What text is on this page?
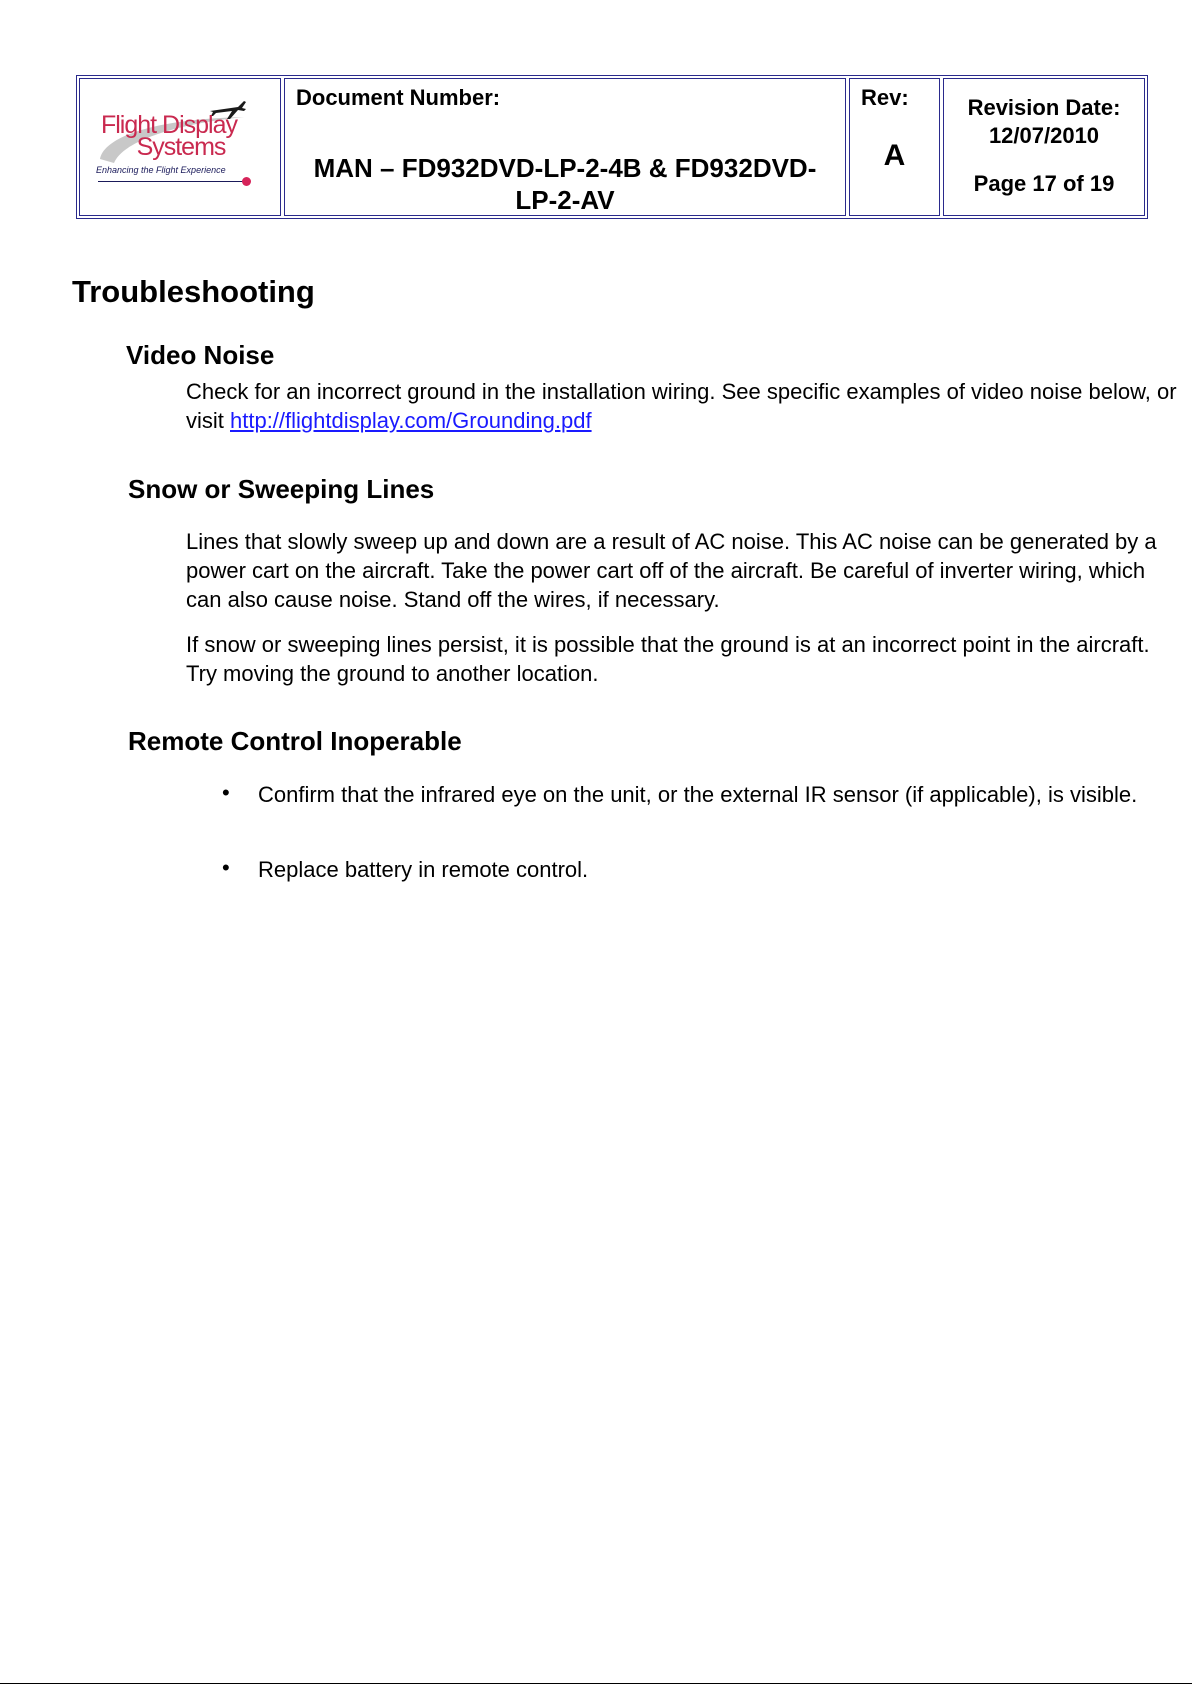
Flight Display
Systems
Enhancing the Flight Experience
Document Number:
MAN – FD932DVD-LP-2-4B & FD932DVD-
LP-2-AV
Rev:
A
Revision Date:
12/07/2010
Page 17 of 19
Troubleshooting
Video Noise
Check for an incorrect ground in the installation wiring. See specific examples of video noise below, or visit http://flightdisplay.com/Grounding.pdf
Snow or Sweeping Lines
Lines that slowly sweep up and down are a result of AC noise. This AC noise can be generated by a power cart on the aircraft. Take the power cart off of the aircraft. Be careful of inverter wiring, which can also cause noise. Stand off the wires, if necessary.
If snow or sweeping lines persist, it is possible that the ground is at an incorrect point in the aircraft. Try moving the ground to another location.
Remote Control Inoperable
• Confirm that the infrared eye on the unit, or the external IR sensor (if applicable), is visible.
• Replace battery in remote control.
